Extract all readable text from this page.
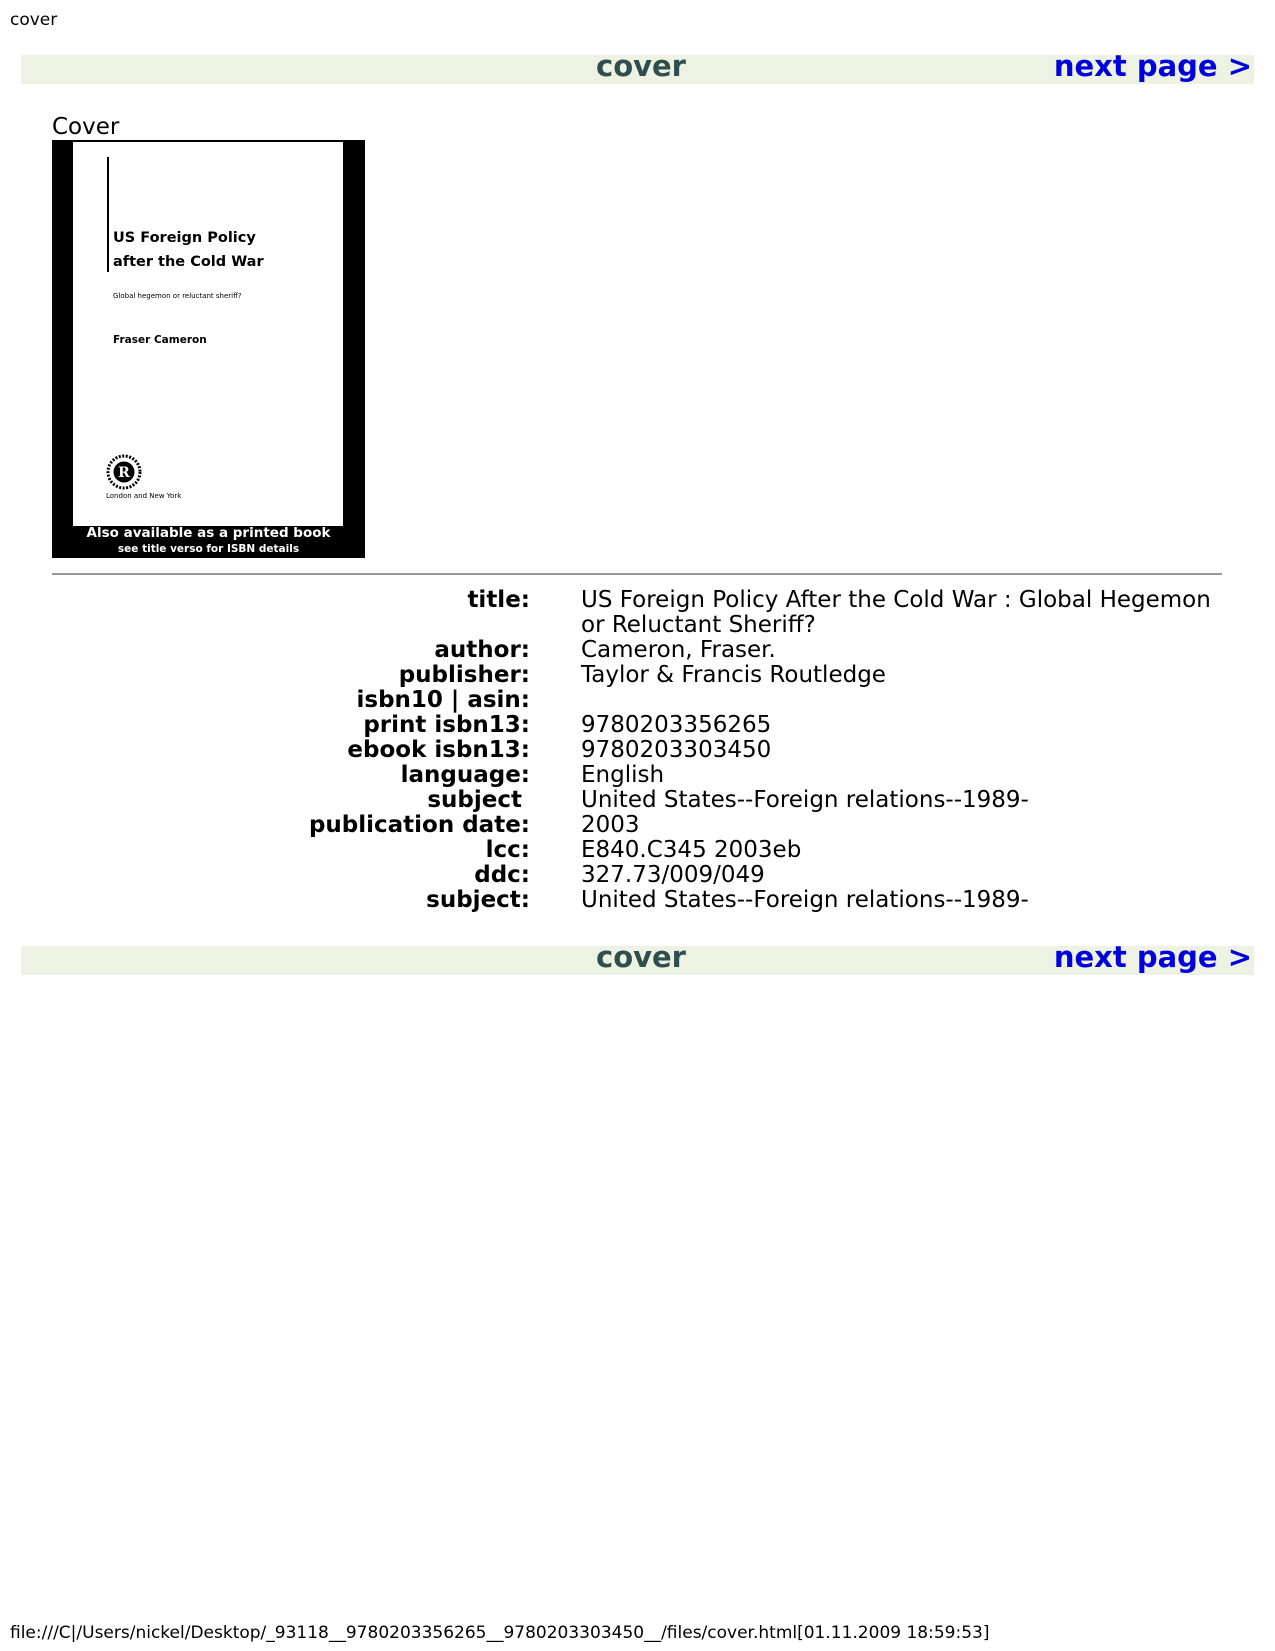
cover
cover	next page >
Cover
US Foreign Policy
after the Cold War
Global hegemon or reluctant sheriff?
Fraser Cameron
R
London and New York
Also available as a printed book
see title verso for ISBN details
title: US Foreign Policy After the Cold War : Global Hegemon or Reluctant Sheriff?
author: Cameron, Fraser.
publisher: Taylor & Francis Routledge
isbn10 | asin:
print isbn13: 9780203356265
ebook isbn13: 9780203303450
language: English
subject	United States--Foreign relations--1989-
publication date: 2003
lcc: E840.C345 2003eb
ddc: 327.73/009/049
subject: United States--Foreign relations--1989-
cover	next page >
file:///C|/Users/nickel/Desktop/_93118__9780203356265__9780203303450__/files/cover.html[01.11.2009 18:59:53]
